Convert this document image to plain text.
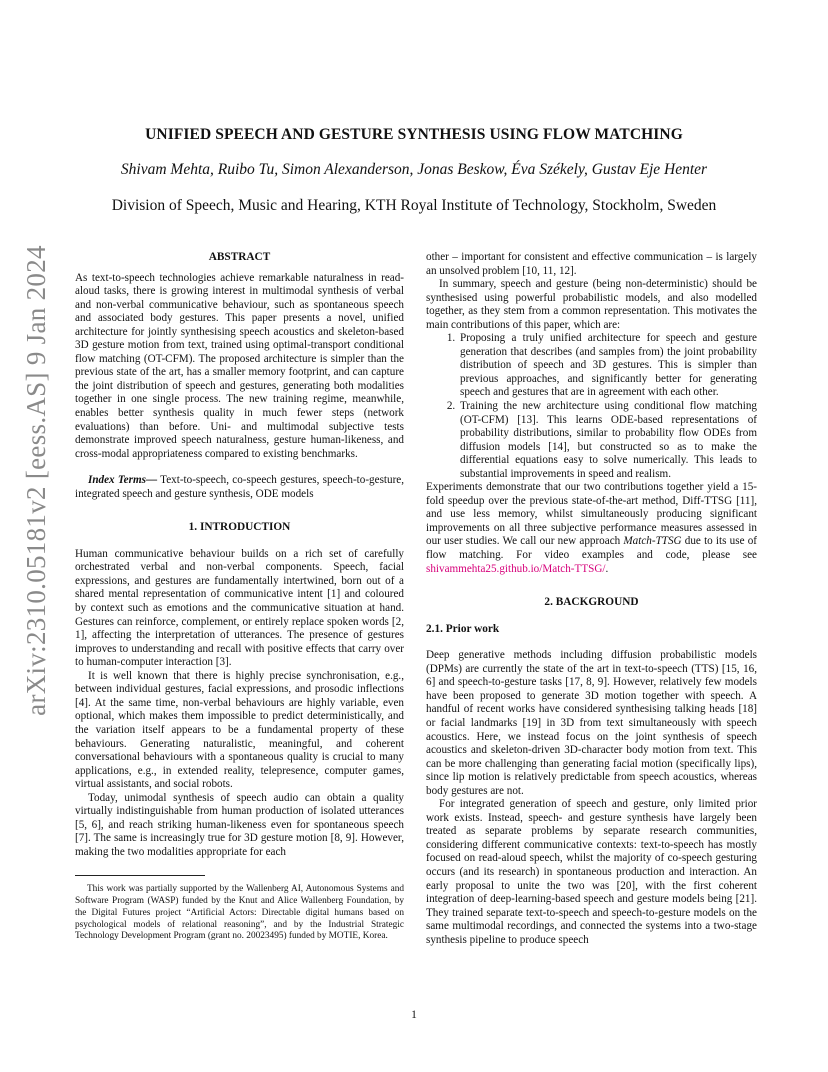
UNIFIED SPEECH AND GESTURE SYNTHESIS USING FLOW MATCHING
Shivam Mehta, Ruibo Tu, Simon Alexanderson, Jonas Beskow, Éva Székely, Gustav Eje Henter
Division of Speech, Music and Hearing, KTH Royal Institute of Technology, Stockholm, Sweden
arXiv:2310.05181v2 [eess.AS] 9 Jan 2024	ABSTRACT

As text-to-speech technologies achieve remarkable naturalness in read-aloud tasks, there is growing interest in multimodal synthesis of verbal and non-verbal communicative behaviour, such as spontaneous speech and associated body gestures. This paper presents a novel, unified architecture for jointly synthesising speech acoustics and skeleton-based 3D gesture motion from text, trained using optimal-transport conditional flow matching (OT-CFM). The proposed architecture is simpler than the previous state of the art, has a smaller memory footprint, and can capture the joint distribution of speech and gestures, generating both modalities together in one single process. The new training regime, meanwhile, enables better synthesis quality in much fewer steps (network evaluations) than before. Uni- and multimodal subjective tests demonstrate improved speech naturalness, gesture human-likeness, and cross-modal appropriateness compared to existing benchmarks.

Index Terms— Text-to-speech, co-speech gestures, speech-to-gesture, integrated speech and gesture synthesis, ODE models

1. INTRODUCTION

Human communicative behaviour builds on a rich set of carefully orchestrated verbal and non-verbal components. Speech, facial expressions, and gestures are fundamentally intertwined, born out of a shared mental representation of communicative intent [1] and coloured by context such as emotions and the communicative situation at hand. Gestures can reinforce, complement, or entirely replace spoken words [2, 1], affecting the interpretation of utterances. The presence of gestures improves to understanding and recall with positive effects that carry over to human-computer interaction [3].

It is well known that there is highly precise synchronisation, e.g., between individual gestures, facial expressions, and prosodic inflections [4]. At the same time, non-verbal behaviours are highly variable, even optional, which makes them impossible to predict deterministically, and the variation itself appears to be a fundamental property of these behaviours. Generating naturalistic, meaningful, and coherent conversational behaviours with a spontaneous quality is crucial to many applications, e.g., in extended reality, telepresence, computer games, virtual assistants, and social robots.

Today, unimodal synthesis of speech audio can obtain a quality virtually indistinguishable from human production of isolated utterances [5, 6], and reach striking human-likeness even for spontaneous speech [7]. The same is increasingly true for 3D gesture motion [8, 9]. However, making the two modalities appropriate for each

This work was partially supported by the Wallenberg AI, Autonomous Systems and Software Program (WASP) funded by the Knut and Alice Wallenberg Foundation, by the Digital Futures project “Artificial Actors: Directable digital humans based on psychological models of relational reasoning”, and by the Industrial Strategic Technology Development Program (grant no. 20023495) funded by MOTIE, Korea.

other – important for consistent and effective communication – is largely an unsolved problem [10, 11, 12].

In summary, speech and gesture (being non-deterministic) should be synthesised using powerful probabilistic models, and also modelled together, as they stem from a common representation. This motivates the main contributions of this paper, which are:

1. Proposing a truly unified architecture for speech and gesture generation that describes (and samples from) the joint probability distribution of speech and 3D gestures. This is simpler than previous approaches, and significantly better for generating speech and gestures that are in agreement with each other.
2. Training the new architecture using conditional flow matching (OT-CFM) [13]. This learns ODE-based representations of probability distributions, similar to probability flow ODEs from diffusion models [14], but constructed so as to make the differential equations easy to solve numerically. This leads to substantial improvements in speed and realism.

Experiments demonstrate that our two contributions together yield a 15-fold speedup over the previous state-of-the-art method, Diff-TTSG [11], and use less memory, whilst simultaneously producing significant improvements on all three subjective performance measures assessed in our user studies. We call our new approach Match-TTSG due to its use of flow matching. For video examples and code, please see shivammehta25.github.io/Match-TTSG/.

2. BACKGROUND
2.1. Prior work

Deep generative methods including diffusion probabilistic models (DPMs) are currently the state of the art in text-to-speech (TTS) [15, 16, 6] and speech-to-gesture tasks [17, 8, 9]. However, relatively few models have been proposed to generate 3D motion together with speech. A handful of recent works have considered synthesising talking heads [18] or facial landmarks [19] in 3D from text simultaneously with speech acoustics. Here, we instead focus on the joint synthesis of speech acoustics and skeleton-driven 3D-character body motion from text. This can be more challenging than generating facial motion (specifically lips), since lip motion is relatively predictable from speech acoustics, whereas body gestures are not.

For integrated generation of speech and gesture, only limited prior work exists. Instead, speech- and gesture synthesis have largely been treated as separate problems by separate research communities, considering different communicative contexts: text-to-speech has mostly focused on read-aloud speech, whilst the majority of co-speech gesturing occurs (and its research) in spontaneous production and interaction. An early proposal to unite the two was [20], with the first coherent integration of deep-learning-based speech and gesture models being [21]. They trained separate text-to-speech and speech-to-gesture models on the same multimodal recordings, and connected the systems into a two-stage synthesis pipeline to produce speech

1
